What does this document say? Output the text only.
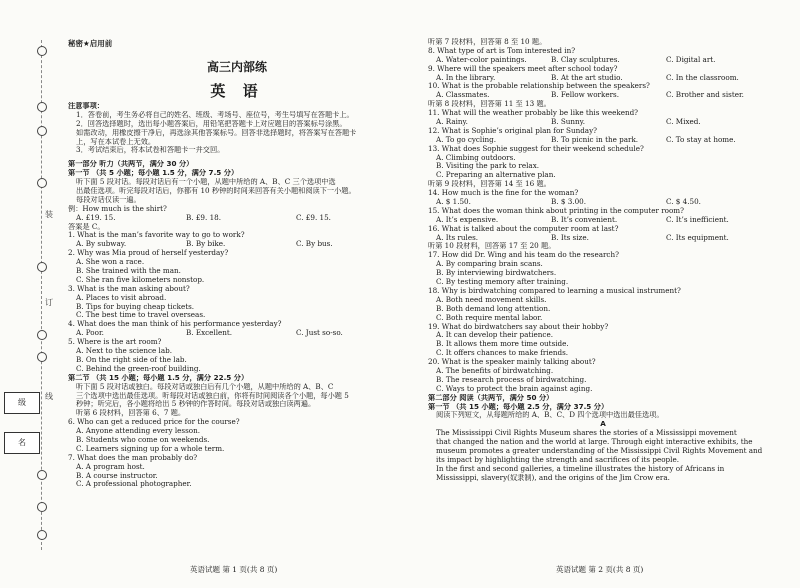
装
订
线
级
名
秘密★启用前
高三内部练
英 语
注意事项：
1．答卷前，考生务必将自己的姓名、班级、考场号、座位号，考生号填写在答题卡上。
2．回答选择题时，选出每小题答案后，用铅笔把答题卡上对应题目的答案标号涂黑。
如需改动，用橡皮擦干净后，再选涂其他答案标号。回答非选择题时，将答案写在答题卡
上，写在本试卷上无效。
3．考试结束后，将本试卷和答题卡一并交回。
第一部分 听力（共两节，满分 30 分）
第一节 （共 5 小题；每小题 1.5 分，满分 7.5 分）
听下面 5 段对话。每段对话后有一个小题，从题中所给的 A、B、C 三个选项中选
出最佳选项。听完每段对话后，你都有 10 秒钟的时间来回答有关小题和阅读下一小题。
每段对话仅读一遍。
例：How much is the shirt?
A. £19. 15.	B. £9. 18.	C. £9. 15.
答案是 C。
1. What is the man’s favorite way to go to work?
A. By subway.	B. By bike.	C. By bus.
2. Why was Mia proud of herself yesterday?
A. She won a race.
B. She trained with the man.
C. She ran five kilometers nonstop.
3. What is the man asking about?
A. Places to visit abroad.
B. Tips for buying cheap tickets.
C. The best time to travel overseas.
4. What does the man think of his performance yesterday?
A. Poor.	B. Excellent.	C. Just so-so.
5. Where is the art room?
A. Next to the science lab.
B. On the right side of the lab.
C. Behind the green-roof building.
第二节 （共 15 小题；每小题 1.5 分，满分 22.5 分）
听下面 5 段对话或独白。每段对话或独白后有几个小题，从题中所给的 A、B、C
三个选项中选出最佳选项。听每段对话或独白前，你将有时间阅读各个小题，每小题 5
秒钟；听完后，各小题将给出 5 秒钟的作答时间。每段对话或独白读两遍。
听第 6 段材料，回答第 6、7 题。
6. Who can get a reduced price for the course?
A. Anyone attending every lesson.
B. Students who come on weekends.
C. Learners signing up for a whole term.
7. What does the man probably do?
A. A program host.
B. A course instructor.
C. A professional photographer.
听第 7 段材料，回答第 8 至 10 题。
8. What type of art is Tom interested in?
A. Water-color paintings.	B. Clay sculptures.	C. Digital art.
9. Where will the speakers meet after school today?
A. In the library.	B. At the art studio.	C. In the classroom.
10. What is the probable relationship between the speakers?
A. Classmates.	B. Fellow workers.	C. Brother and sister.
听第 8 段材料，回答第 11 至 13 题。
11. What will the weather probably be like this weekend?
A. Rainy.	B. Sunny.	C. Mixed.
12. What is Sophie’s original plan for Sunday?
A. To go cycling.	B. To picnic in the park.	C. To stay at home.
13. What does Sophie suggest for their weekend schedule?
A. Climbing outdoors.
B. Visiting the park to relax.
C. Preparing an alternative plan.
听第 9 段材料，回答第 14 至 16 题。
14. How much is the fine for the woman?
A. $ 1.50.	B. $ 3.00.	C. $ 4.50.
15. What does the woman think about printing in the computer room?
A. It’s expensive.	B. It’s convenient.	C. It’s inefficient.
16. What is talked about the computer room at last?
A. Its rules.	B. Its size.	C. Its equipment.
听第 10 段材料，回答第 17 至 20 题。
17. How did Dr. Wing and his team do the research?
A. By comparing brain scans.
B. By interviewing birdwatchers.
C. By testing memory after training.
18. Why is birdwatching compared to learning a musical instrument?
A. Both need movement skills.
B. Both demand long attention.
C. Both require mental labor.
19. What do birdwatchers say about their hobby?
A. It can develop their patience.
B. It allows them more time outside.
C. It offers chances to make friends.
20. What is the speaker mainly talking about?
A. The benefits of birdwatching.
B. The research process of birdwatching.
C. Ways to protect the brain against aging.
第二部分 阅读（共两节，满分 50 分）
第一节 （共 15 小题；每小题 2.5 分，满分 37.5 分）
阅读下列短文，从每题所给的 A、B、C、D 四个选项中选出最佳选项。
A
The Mississippi Civil Rights Museum shares the stories of a Mississippi movement
that changed the nation and the world at large. Through eight interactive exhibits, the
museum promotes a greater understanding of the Mississippi Civil Rights Movement and
its impact by highlighting the strength and sacrifices of its people.
In the first and second galleries, a timeline illustrates the history of Africans in
Mississippi, slavery(奴隶制), and the origins of the Jim Crow era.
英语试题 第 1 页(共 8 页)	英语试题 第 2 页(共 8 页)
